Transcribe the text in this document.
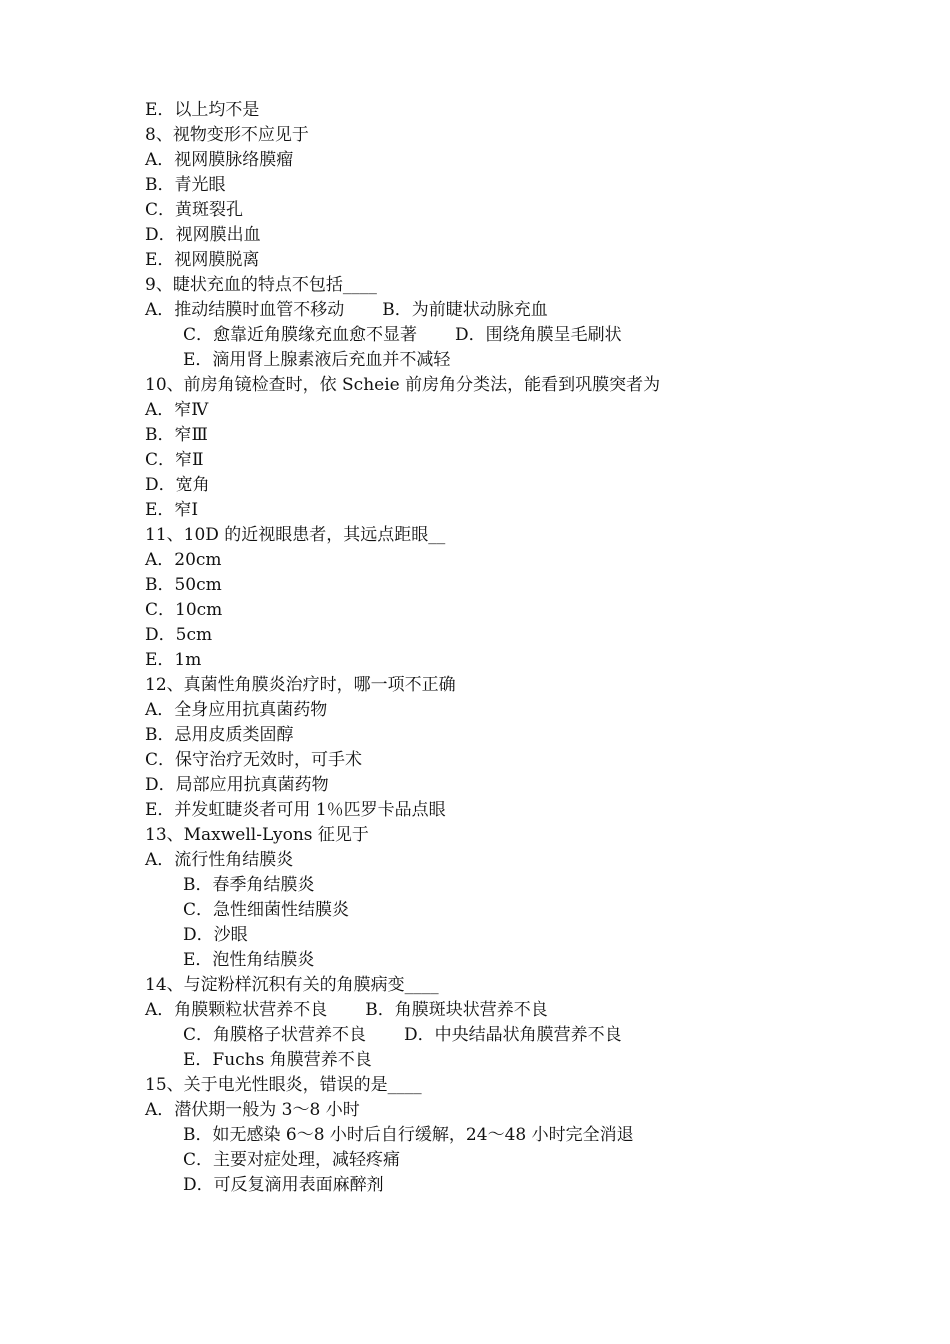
E．以上均不是
8、视物变形不应见于
A．视网膜脉络膜瘤
B．青光眼
C．黄斑裂孔
D．视网膜出血
E．视网膜脱离
9、睫状充血的特点不包括____
A．推动结膜时血管不移动 B．为前睫状动脉充血
C．愈靠近角膜缘充血愈不显著 D．围绕角膜呈毛刷状
E．滴用肾上腺素液后充血并不减轻
10、前房角镜检查时，依 Scheie 前房角分类法，能看到巩膜突者为
A．窄Ⅳ
B．窄Ⅲ
C．窄Ⅱ
D．宽角
E．窄Ⅰ
11、10D 的近视眼患者，其远点距眼__
A．20cm
B．50cm
C．10cm
D．5cm
E．1m
12、真菌性角膜炎治疗时，哪一项不正确
A．全身应用抗真菌药物
B．忌用皮质类固醇
C．保守治疗无效时，可手术
D．局部应用抗真菌药物
E．并发虹睫炎者可用 1％匹罗卡品点眼
13、Maxwell-Lyons 征见于
A．流行性角结膜炎
B．春季角结膜炎
C．急性细菌性结膜炎
D．沙眼
E．泡性角结膜炎
14、与淀粉样沉积有关的角膜病变____
A．角膜颗粒状营养不良 B．角膜斑块状营养不良
C．角膜格子状营养不良 D．中央结晶状角膜营养不良
E．Fuchs 角膜营养不良
15、关于电光性眼炎，错误的是____
A．潜伏期一般为 3～8 小时
B．如无感染 6～8 小时后自行缓解，24～48 小时完全消退
C．主要对症处理，减轻疼痛
D．可反复滴用表面麻醉剂
